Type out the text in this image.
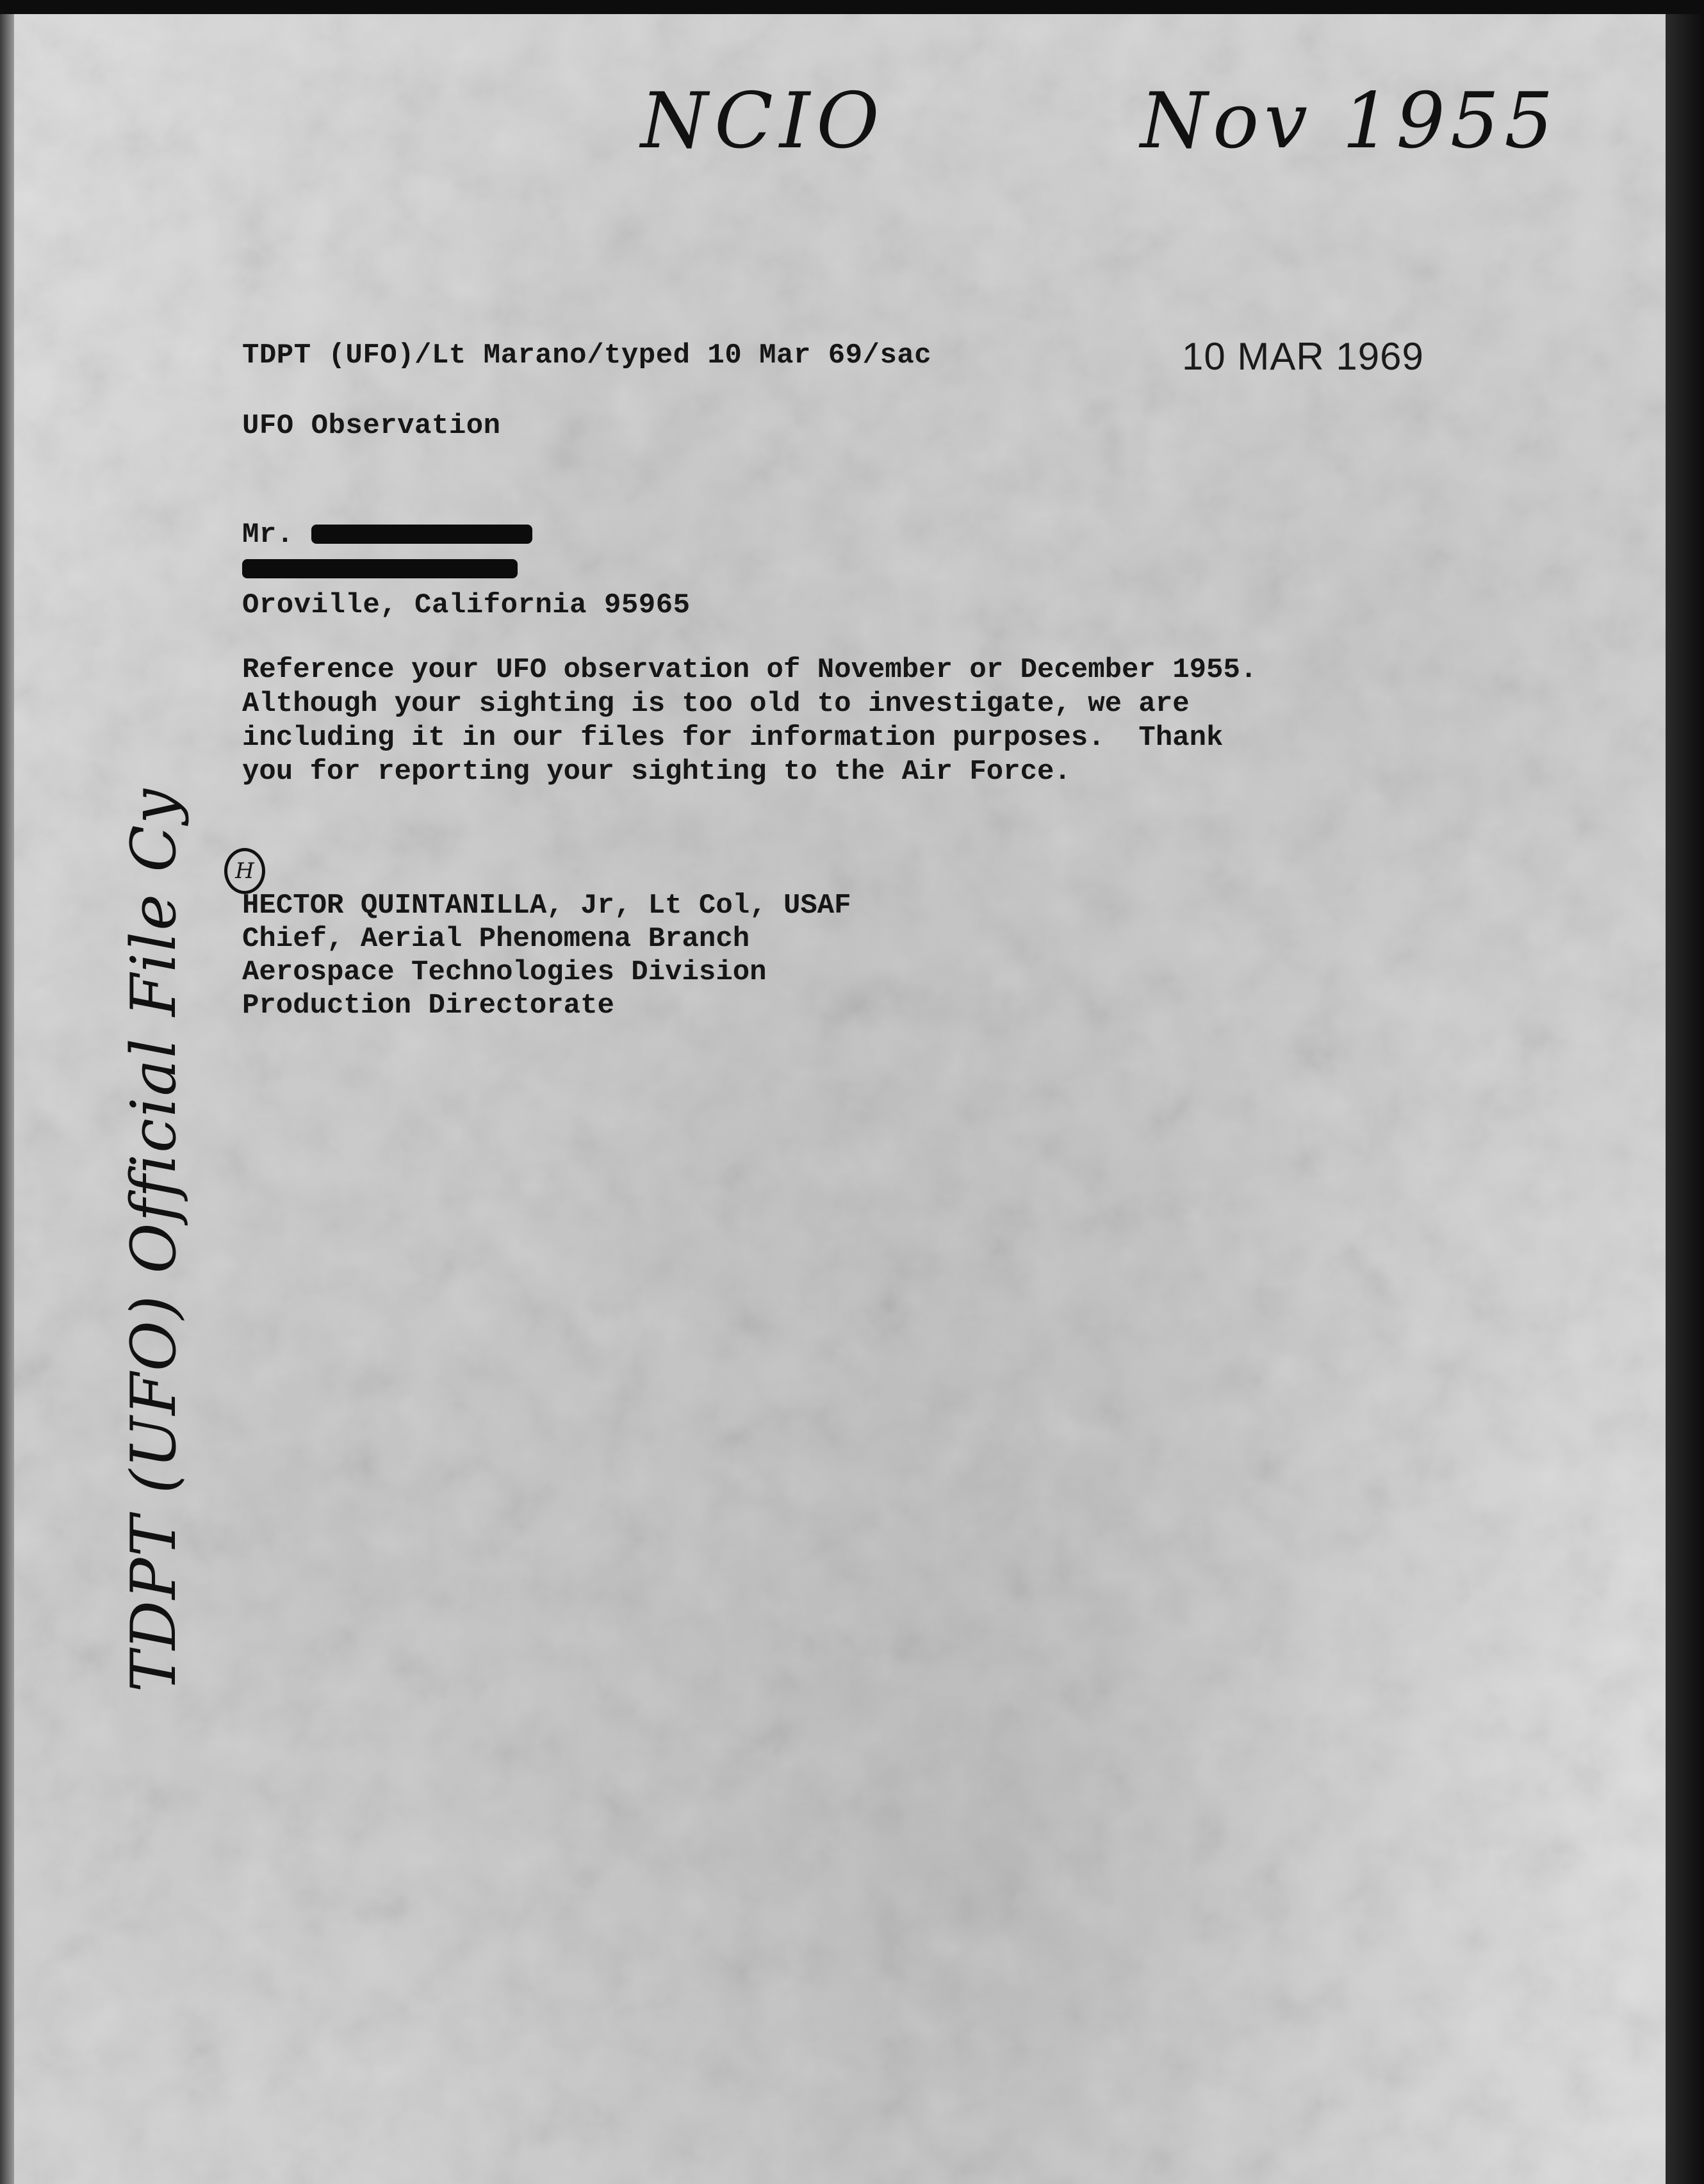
NCIO	Nov 1955
TDPT (UFO) Official File Cy
TDPT (UFO)/Lt Marano/typed 10 Mar 69/sac	10 MAR 1969
UFO Observation
Mr.
Oroville, California 95965
Reference your UFO observation of November or December 1955.
Although your sighting is too old to investigate, we are
including it in our files for information purposes.  Thank
you for reporting your sighting to the Air Force.
H
HECTOR QUINTANILLA, Jr, Lt Col, USAF
Chief, Aerial Phenomena Branch
Aerospace Technologies Division
Production Directorate
